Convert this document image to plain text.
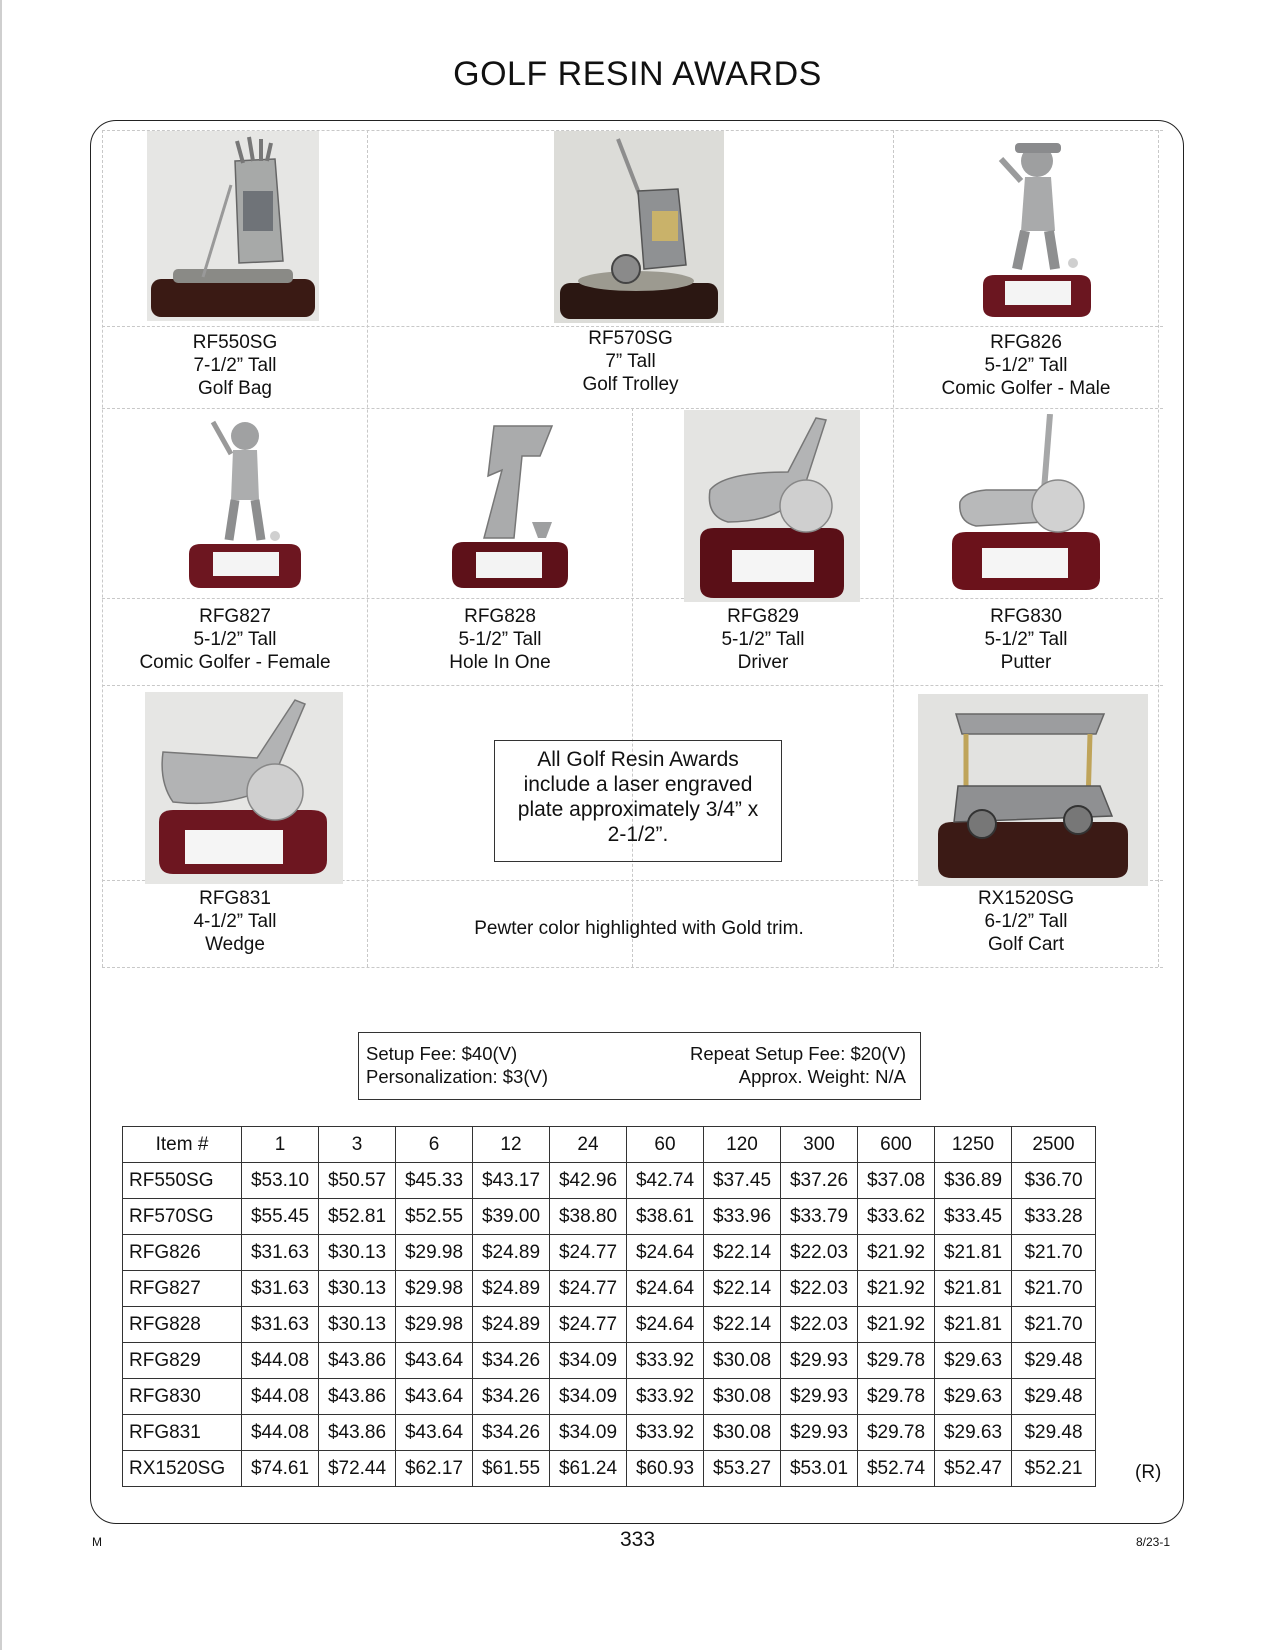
GOLF RESIN AWARDS
RF550SG
7-1/2” Tall
Golf Bag
RF570SG
7” Tall
Golf Trolley
RFG826
5-1/2” Tall
Comic Golfer - Male
RFG827
5-1/2” Tall
Comic Golfer - Female
RFG828
5-1/2” Tall
Hole In One
RFG829
5-1/2” Tall
Driver
RFG830
5-1/2” Tall
Putter
RFG831
4-1/2” Tall
Wedge
RX1520SG
6-1/2” Tall
Golf Cart
All Golf Resin Awards
include a laser engraved
plate approximately 3/4” x
2-1/2”.
Pewter color highlighted with Gold trim.
Setup Fee: $40(V)	Repeat Setup Fee: $20(V)
Personalization: $3(V)	Approx. Weight: N/A
Item #	1	3	6	12	24	60	120	300	600	1250	2500
RF550SG	$53.10	$50.57	$45.33	$43.17	$42.96	$42.74	$37.45	$37.26	$37.08	$36.89	$36.70
RF570SG	$55.45	$52.81	$52.55	$39.00	$38.80	$38.61	$33.96	$33.79	$33.62	$33.45	$33.28
RFG826	$31.63	$30.13	$29.98	$24.89	$24.77	$24.64	$22.14	$22.03	$21.92	$21.81	$21.70
RFG827	$31.63	$30.13	$29.98	$24.89	$24.77	$24.64	$22.14	$22.03	$21.92	$21.81	$21.70
RFG828	$31.63	$30.13	$29.98	$24.89	$24.77	$24.64	$22.14	$22.03	$21.92	$21.81	$21.70
RFG829	$44.08	$43.86	$43.64	$34.26	$34.09	$33.92	$30.08	$29.93	$29.78	$29.63	$29.48
RFG830	$44.08	$43.86	$43.64	$34.26	$34.09	$33.92	$30.08	$29.93	$29.78	$29.63	$29.48
RFG831	$44.08	$43.86	$43.64	$34.26	$34.09	$33.92	$30.08	$29.93	$29.78	$29.63	$29.48
RX1520SG	$74.61	$72.44	$62.17	$61.55	$61.24	$60.93	$53.27	$53.01	$52.74	$52.47	$52.21	(R)
M	333	8/23-1
